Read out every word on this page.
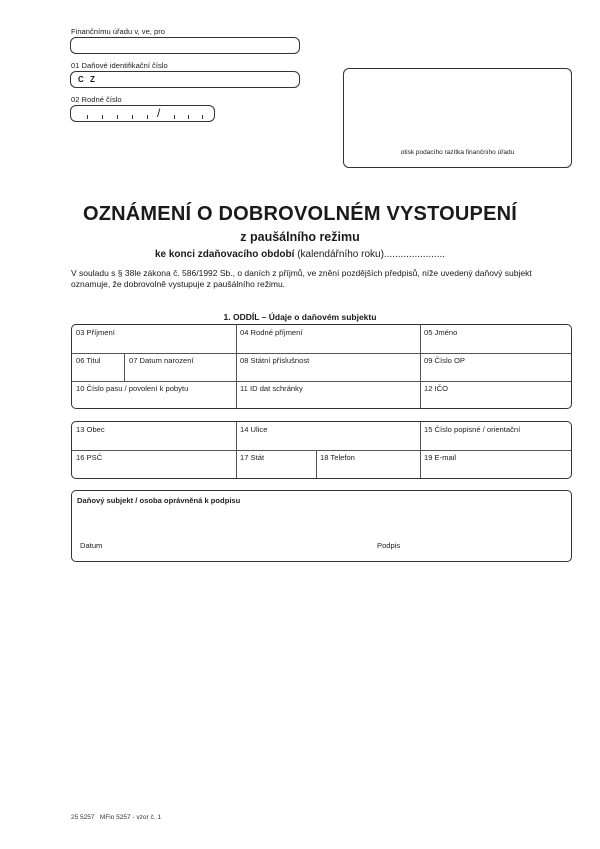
Finančnímu úřadu v, ve, pro
01 Daňové identifikační číslo
C Z
02 Rodné číslo
/
otisk podacího razítka finančního úřadu
OZNÁMENÍ O DOBROVOLNÉM VYSTOUPENÍ
z paušálního režimu
ke konci zdaňovacího období (kalendářního roku)......................
V souladu s § 38le zákona č. 586/1992 Sb., o daních z příjmů, ve znění pozdějších předpisů, níže uvedený daňový subjekt
oznamuje, že dobrovolně vystupuje z paušálního režimu.
1. ODDÍL – Údaje o daňovém subjektu
03 Příjmení	04 Rodné příjmení	05 Jméno
06 Titul	07 Datum narození	08 Státní příslušnost	09 Číslo OP
10 Číslo pasu / povolení k pobytu	11 ID dat schránky	12 IČO
13 Obec	14 Ulice	15 Číslo popisné / orientační
16 PSČ	17 Stát	18 Telefon	19 E-mail
Daňový subjekt / osoba oprávněná k podpisu
Datum	Podpis
25 5257   MFin 5257 - vzor č. 1
